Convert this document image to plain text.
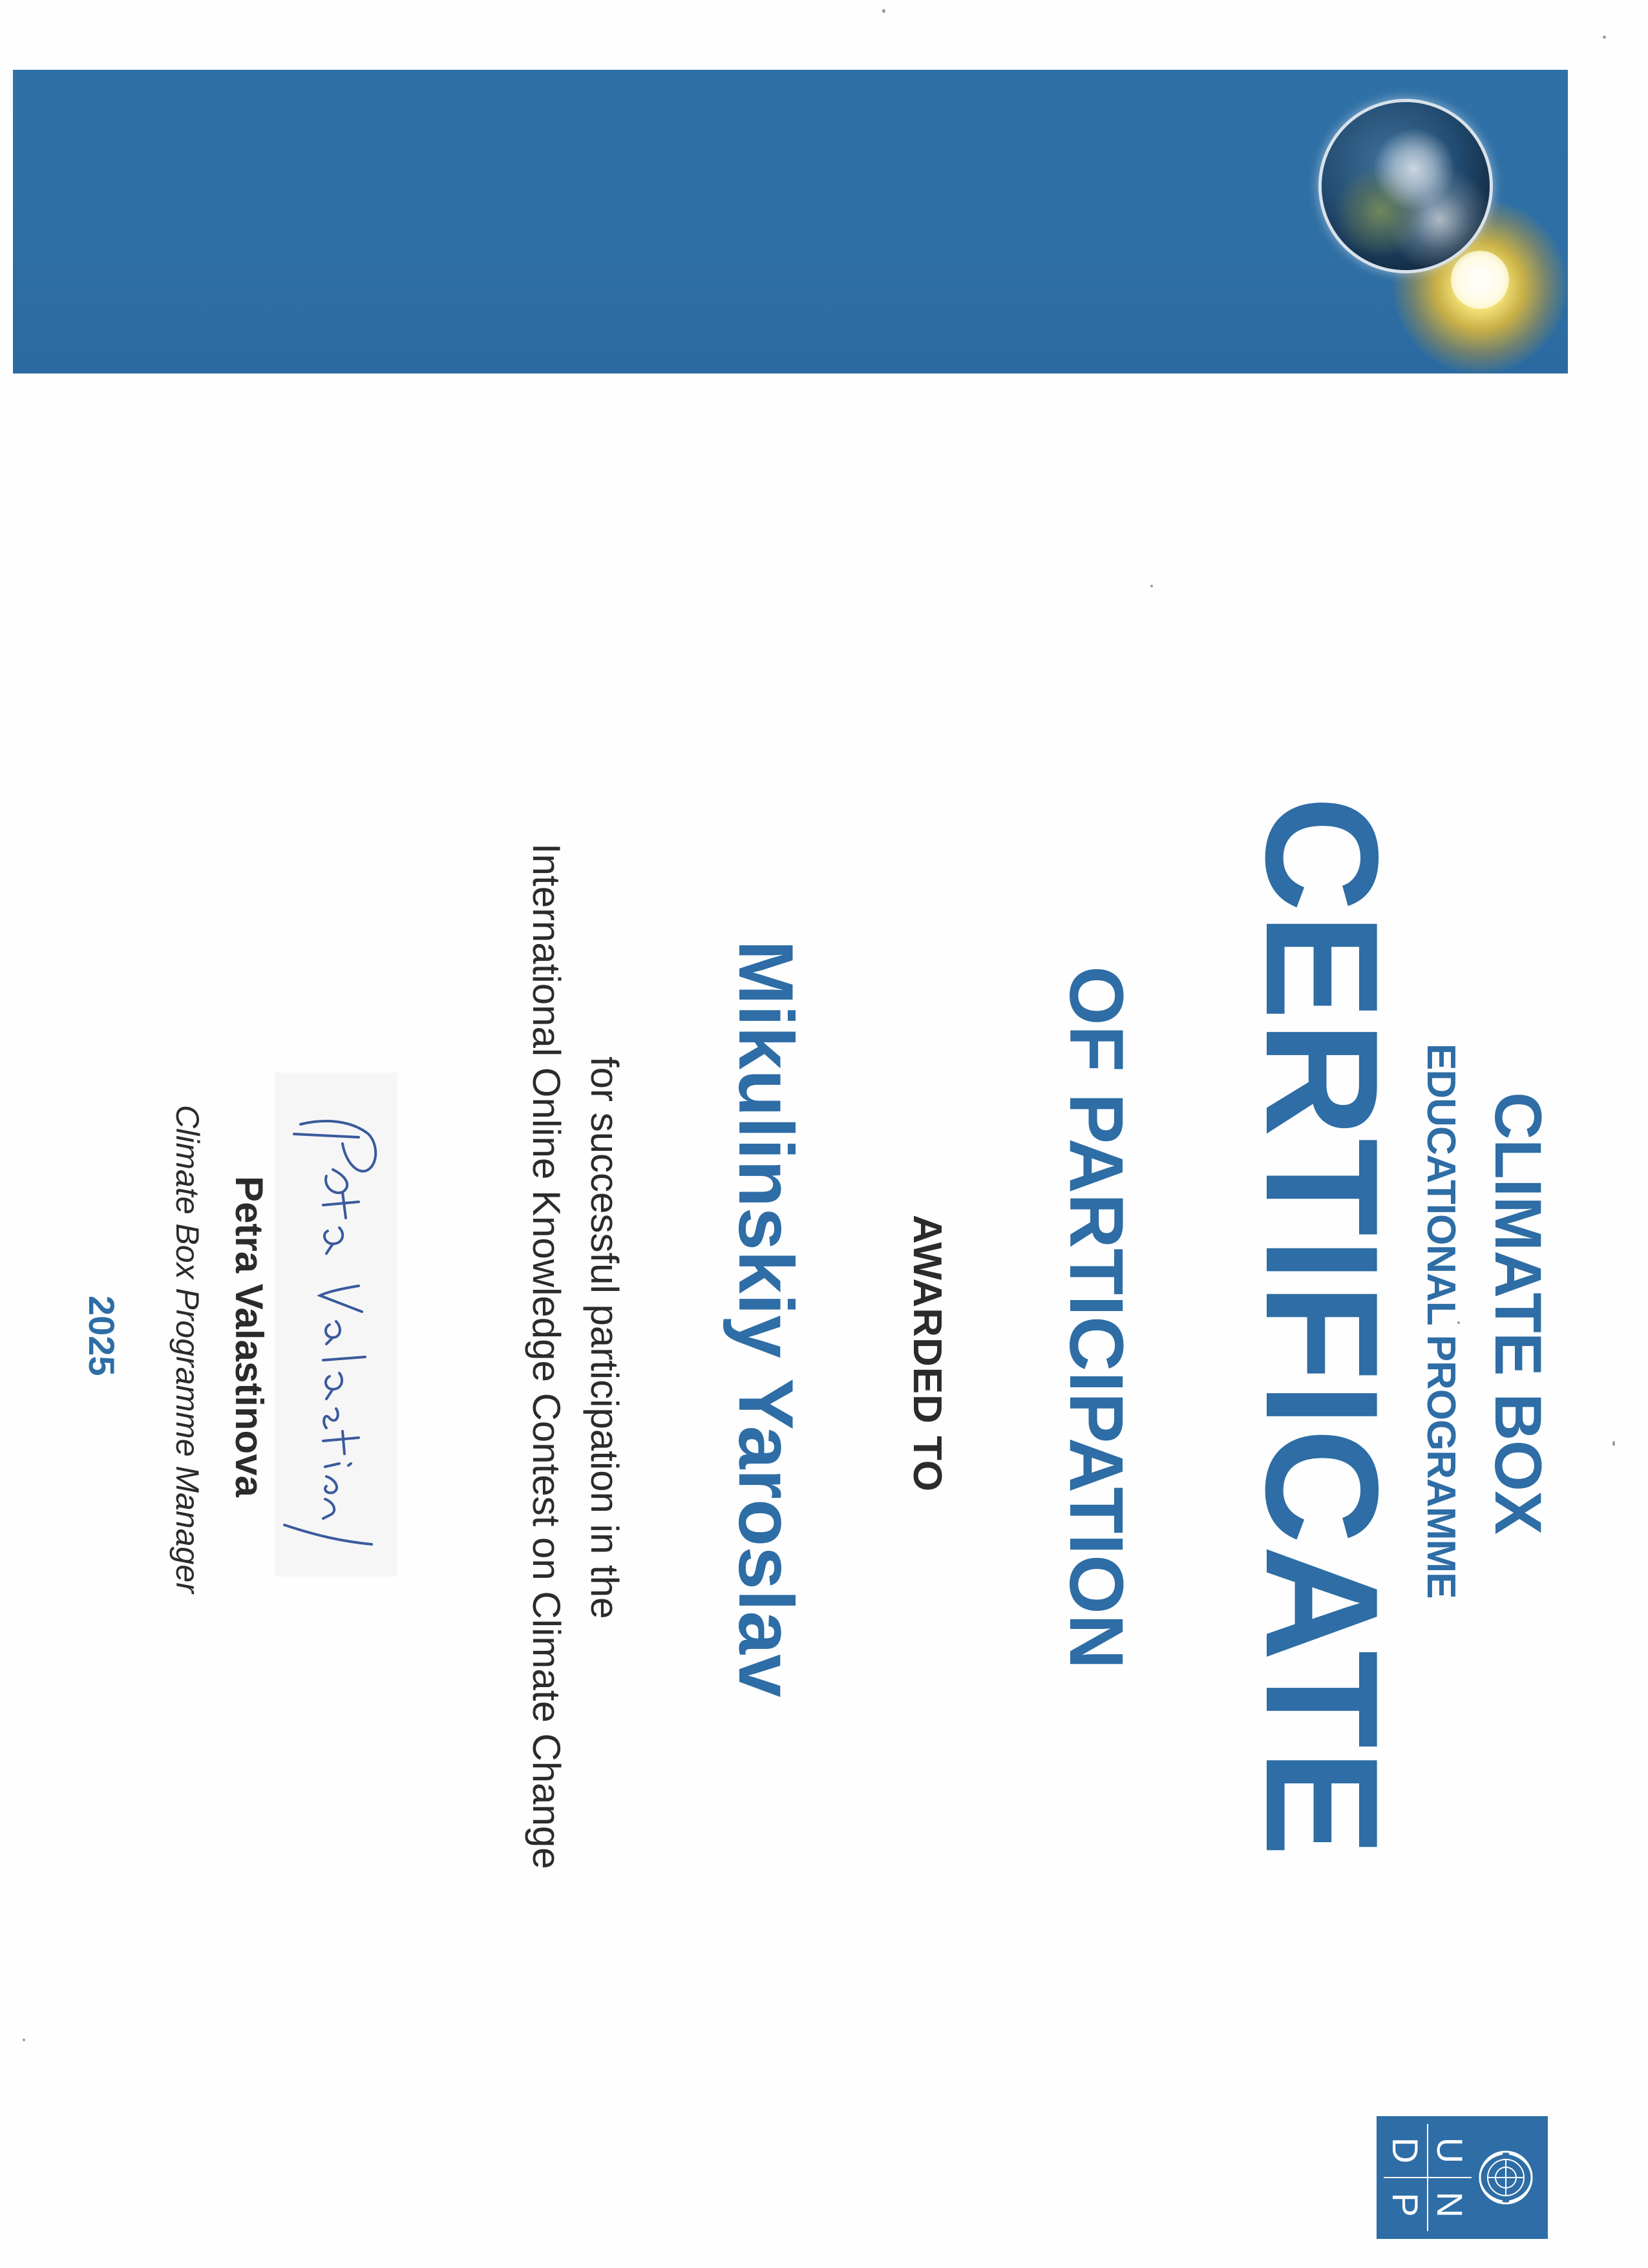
CLIMATE BOX
EDUCATIONAL PROGRAMME
CERTIFICATE
OF PARTICIPATION
AWARDED TO
Mikulinskiy Yaroslav
for successful participation in the
International Online Knowledge Contest on Climate Change
Petra Valastinova
Climate Box Programme Manager
2025
U
N
D
P
